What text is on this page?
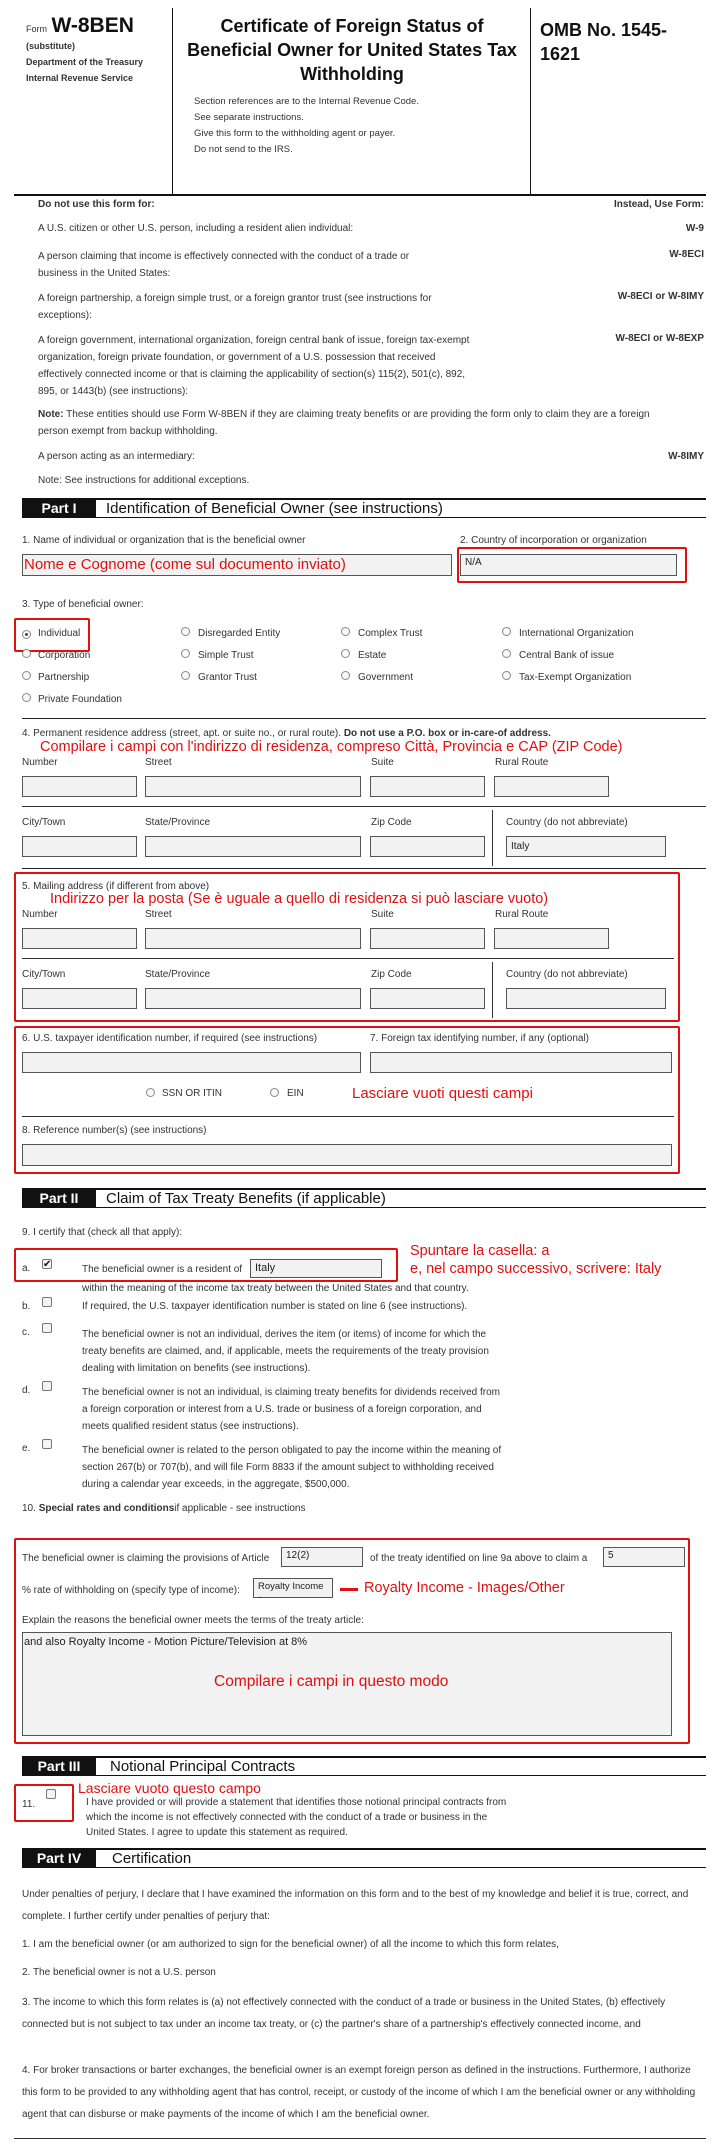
Form W-8BEN
(substitute)
Department of the Treasury
Internal Revenue Service
Certificate of Foreign Status of Beneficial Owner for United States Tax Withholding
Section references are to the Internal Revenue Code.
See separate instructions.
Give this form to the withholding agent or payer.
Do not send to the IRS.
OMB No. 1545-1621
Do not use this form for:	Instead, Use Form:
A U.S. citizen or other U.S. person, including a resident alien individual:	W-9
A person claiming that income is effectively connected with the conduct of a trade or business in the United States:
W-8ECI
A foreign partnership, a foreign simple trust, or a foreign grantor trust (see instructions for exceptions):
W-8ECI or W-8IMY
A foreign government, international organization, foreign central bank of issue, foreign tax-exempt organization, foreign private foundation, or government of a U.S. possession that received effectively connected income or that is claiming the applicability of section(s) 115(2), 501(c), 892, 895, or 1443(b) (see instructions):
W-8ECI or W-8EXP
Note: These entities should use Form W-8BEN if they are claiming treaty benefits or are providing the form only to claim they are a foreign person exempt from backup withholding.
A person acting as an intermediary:	W-8IMY
Note: See instructions for additional exceptions.
Part I	Identification of Beneficial Owner (see instructions)
1. Name of individual or organization that is the beneficial owner
Nome e Cognome (come sul documento inviato)
2. Country of incorporation or organization
N/A
3. Type of beneficial owner:
Individual	Disregarded Entity	Complex Trust	International Organization
Corporation	Simple Trust	Estate	Central Bank of issue
Partnership	Grantor Trust	Government	Tax-Exempt Organization
Private Foundation
4. Permanent residence address (street, apt. or suite no., or rural route). Do not use a P.O. box or in-care-of address.
Compilare i campi con l'indirizzo di residenza, compreso Città, Provincia e CAP (ZIP Code)
Number	Street	Suite	Rural Route
City/Town	State/Province	Zip Code	Country (do not abbreviate)
Italy
5. Mailing address (if different from above)
Indirizzo per la posta (Se è uguale a quello di residenza si può lasciare vuoto)
Number	Street	Suite	Rural Route
City/Town	State/Province	Zip Code	Country (do not abbreviate)
6. U.S. taxpayer identification number, if required (see instructions)	7. Foreign tax identifying number, if any (optional)
SSN OR ITIN	EIN	Lasciare vuoti questi campi
8. Reference number(s) (see instructions)
Part II	Claim of Tax Treaty Benefits (if applicable)
9. I certify that (check all that apply):
a. ✔	The beneficial owner is a resident of	Italy
within the meaning of the income tax treaty between the United States and that country.
Spuntare la casella: a
e, nel campo successivo, scrivere: Italy
b.	If required, the U.S. taxpayer identification number is stated on line 6 (see instructions).
c.	The beneficial owner is not an individual, derives the item (or items) of income for which the treaty benefits are claimed, and, if applicable, meets the requirements of the treaty provision dealing with limitation on benefits (see instructions).
d.	The beneficial owner is not an individual, is claiming treaty benefits for dividends received from a foreign corporation or interest from a U.S. trade or business of a foreign corporation, and meets qualified resident status (see instructions).
e.	The beneficial owner is related to the person obligated to pay the income within the meaning of section 267(b) or 707(b), and will file Form 8833 if the amount subject to withholding received during a calendar year exceeds, in the aggregate, $500,000.
10. Special rates and conditionsif applicable - see instructions
The beneficial owner is claiming the provisions of Article	12(2)	of the treaty identified on line 9a above to claim a	5
% rate of withholding on (specify type of income):	Royalty Income -
Royalty Income - Images/Other
Explain the reasons the beneficial owner meets the terms of the treaty article:
and also Royalty Income - Motion Picture/Television at 8%
Compilare i campi in questo modo
Part III	Notional Principal Contracts
Lasciare vuoto questo campo
11.	I have provided or will provide a statement that identifies those notional principal contracts from which the income is not effectively connected with the conduct of a trade or business in the United States. I agree to update this statement as required.
Part IV	Certification
Under penalties of perjury, I declare that I have examined the information on this form and to the best of my knowledge and belief it is true, correct, and complete. I further certify under penalties of perjury that:
1. I am the beneficial owner (or am authorized to sign for the beneficial owner) of all the income to which this form relates,
2. The beneficial owner is not a U.S. person
3. The income to which this form relates is (a) not effectively connected with the conduct of a trade or business in the United States, (b) effectively connected but is not subject to tax under an income tax treaty, or (c) the partner's share of a partnership's effectively connected income, and
4. For broker transactions or barter exchanges, the beneficial owner is an exempt foreign person as defined in the instructions. Furthermore, I authorize this form to be provided to any withholding agent that has control, receipt, or custody of the income of which I am the beneficial owner or any withholding agent that can disburse or make payments of the income of which I am the beneficial owner.
